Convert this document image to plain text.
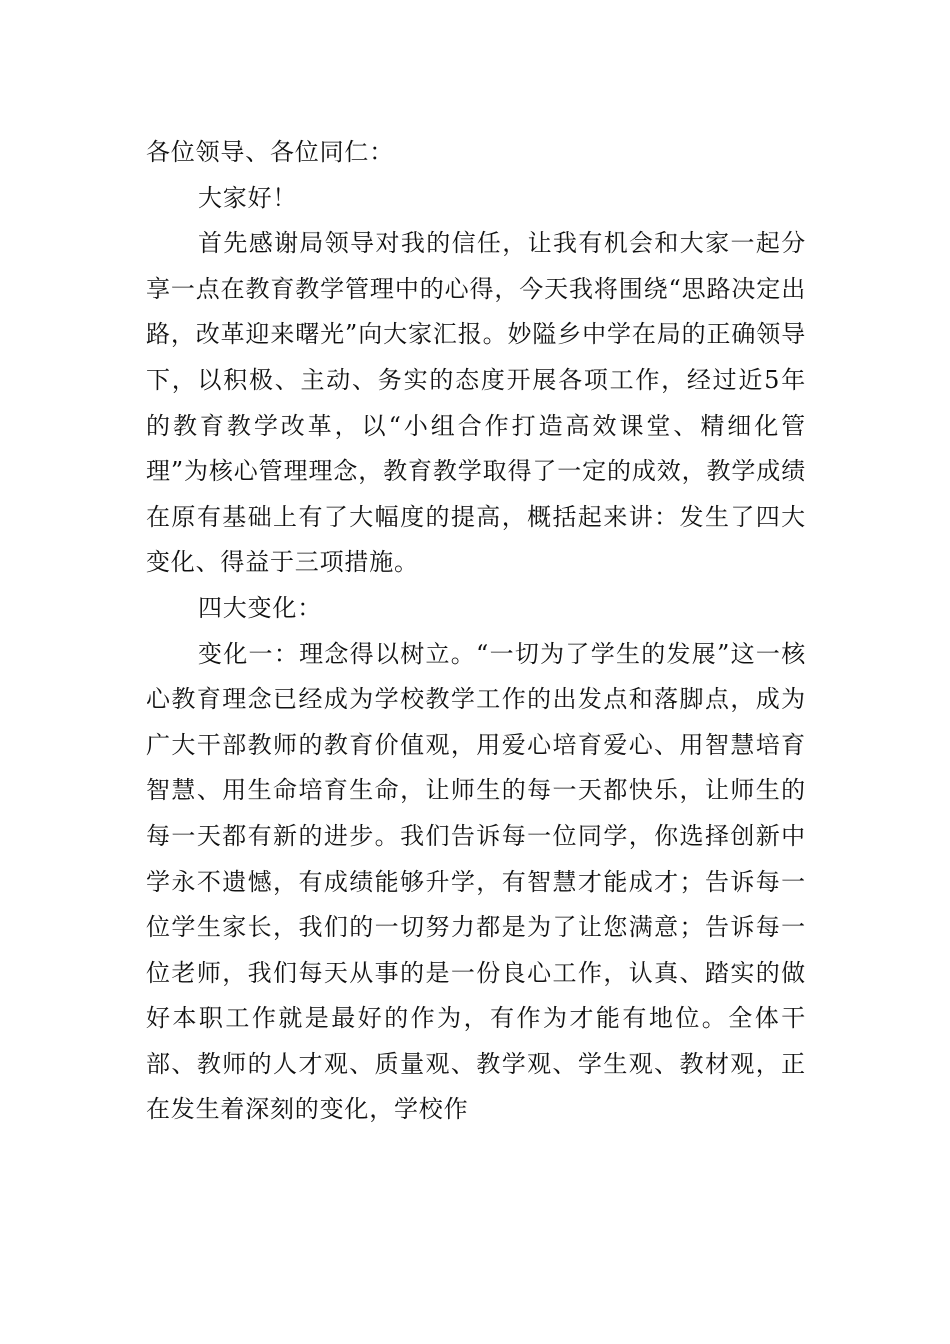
各位领导、各位同仁：

大家好！

首先感谢局领导对我的信任，让我有机会和大家一起分享一点在教育教学管理中的心得，今天我将围绕“思路决定出路，改革迎来曙光”向大家汇报。妙隘乡中学在局的正确领导下，以积极、主动、务实的态度开展各项工作，经过近5年的教育教学改革，以“小组合作打造高效课堂、精细化管理”为核心管理理念，教育教学取得了一定的成效，教学成绩在原有基础上有了大幅度的提高，概括起来讲：发生了四大变化、得益于三项措施。

四大变化：

变化一：理念得以树立。“一切为了学生的发展”这一核心教育理念已经成为学校教学工作的出发点和落脚点，成为广大干部教师的教育价值观，用爱心培育爱心、用智慧培育智慧、用生命培育生命，让师生的每一天都快乐，让师生的每一天都有新的进步。我们告诉每一位同学，你选择创新中学永不遗憾，有成绩能够升学，有智慧才能成才；告诉每一位学生家长，我们的一切努力都是为了让您满意；告诉每一位老师，我们每天从事的是一份良心工作，认真、踏实的做好本职工作就是最好的作为，有作为才能有地位。全体干部、教师的人才观、质量观、教学观、学生观、教材观，正在发生着深刻的变化，学校作
